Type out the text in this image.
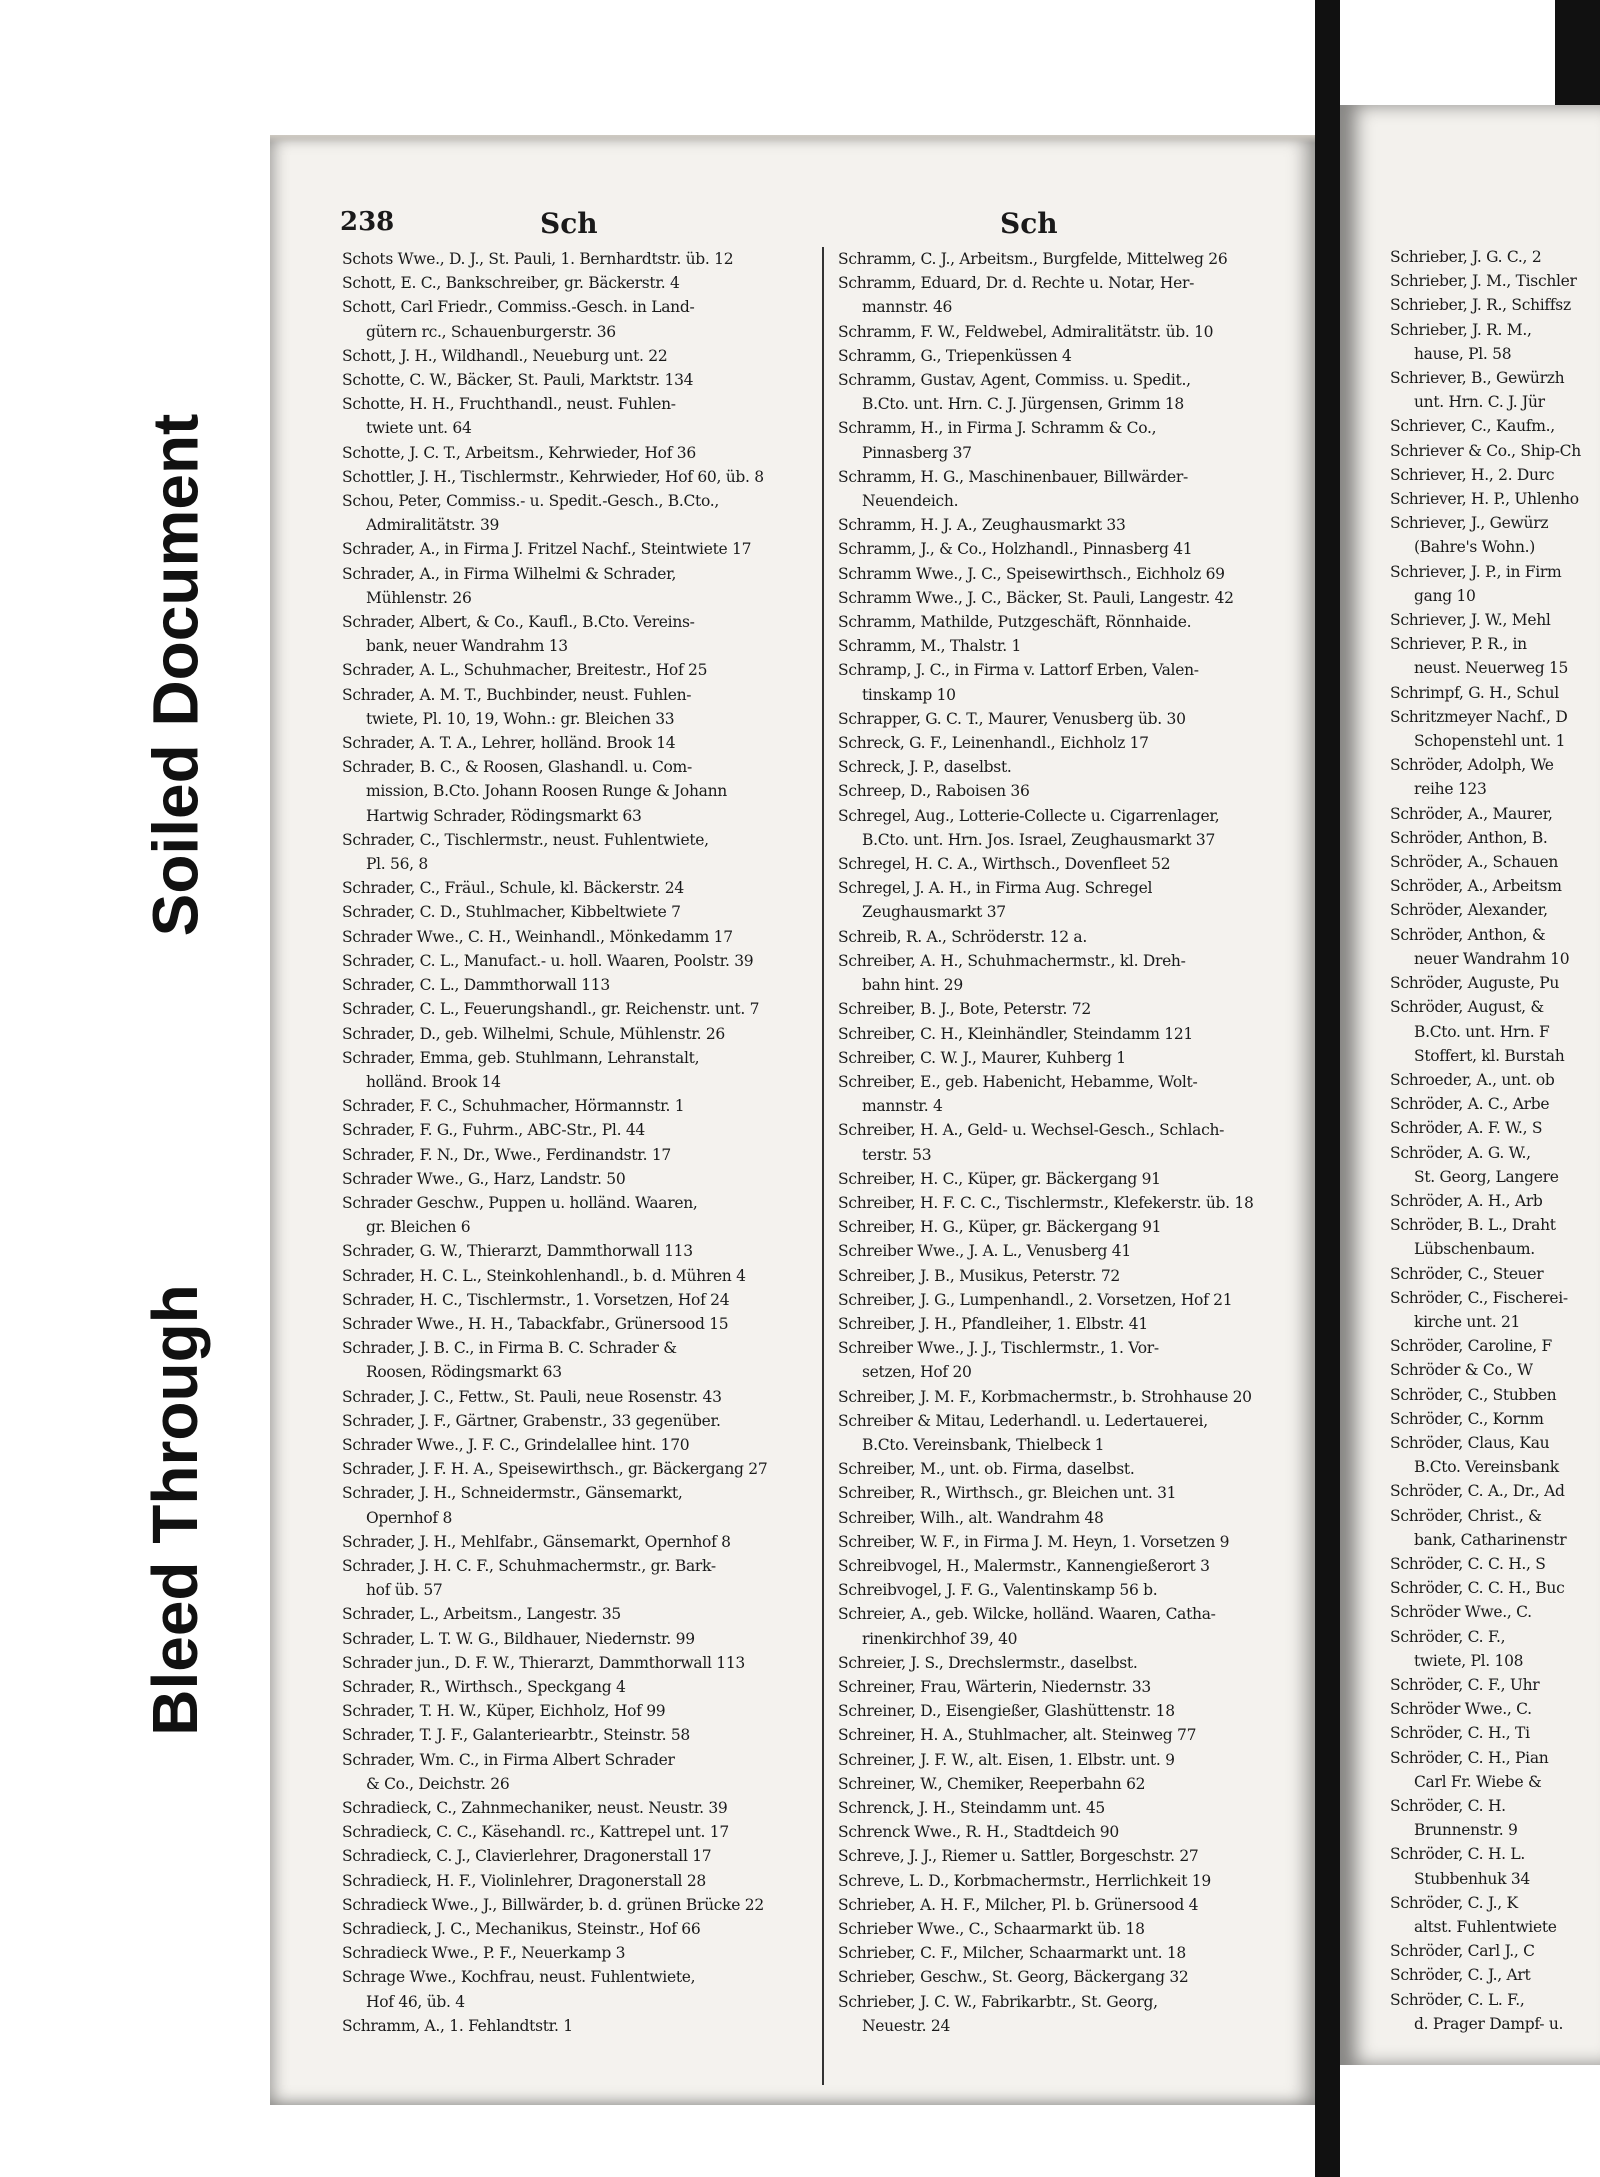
Soiled Document
Bleed Through
238	Sch	Sch
Schots Wwe., D. J., St. Pauli, 1. Bernhardtstr. üb. 12
Schott, E. C., Bankschreiber, gr. Bäckerstr. 4
Schott, Carl Friedr., Commiss.-Gesch. in Land-
gütern rc., Schauenburgerstr. 36
Schott, J. H., Wildhandl., Neueburg unt. 22
Schotte, C. W., Bäcker, St. Pauli, Marktstr. 134
Schotte, H. H., Fruchthandl., neust. Fuhlen-
twiete unt. 64
Schotte, J. C. T., Arbeitsm., Kehrwieder, Hof 36
Schottler, J. H., Tischlermstr., Kehrwieder, Hof 60, üb. 8
Schou, Peter, Commiss.- u. Spedit.-Gesch., B.Cto.,
Admiralitätstr. 39
Schrader, A., in Firma J. Fritzel Nachf., Steintwiete 17
Schrader, A., in Firma Wilhelmi & Schrader,
Mühlenstr. 26
Schrader, Albert, & Co., Kaufl., B.Cto. Vereins-
bank, neuer Wandrahm 13
Schrader, A. L., Schuhmacher, Breitestr., Hof 25
Schrader, A. M. T., Buchbinder, neust. Fuhlen-
twiete, Pl. 10, 19, Wohn.: gr. Bleichen 33
Schrader, A. T. A., Lehrer, holländ. Brook 14
Schrader, B. C., & Roosen, Glashandl. u. Com-
mission, B.Cto. Johann Roosen Runge & Johann
Hartwig Schrader, Rödingsmarkt 63
Schrader, C., Tischlermstr., neust. Fuhlentwiete,
Pl. 56, 8
Schrader, C., Fräul., Schule, kl. Bäckerstr. 24
Schrader, C. D., Stuhlmacher, Kibbeltwiete 7
Schrader Wwe., C. H., Weinhandl., Mönkedamm 17
Schrader, C. L., Manufact.- u. holl. Waaren, Poolstr. 39
Schrader, C. L., Dammthorwall 113
Schrader, C. L., Feuerungshandl., gr. Reichenstr. unt. 7
Schrader, D., geb. Wilhelmi, Schule, Mühlenstr. 26
Schrader, Emma, geb. Stuhlmann, Lehranstalt,
holländ. Brook 14
Schrader, F. C., Schuhmacher, Hörmannstr. 1
Schrader, F. G., Fuhrm., ABC-Str., Pl. 44
Schrader, F. N., Dr., Wwe., Ferdinandstr. 17
Schrader Wwe., G., Harz, Landstr. 50
Schrader Geschw., Puppen u. holländ. Waaren,
gr. Bleichen 6
Schrader, G. W., Thierarzt, Dammthorwall 113
Schrader, H. C. L., Steinkohlenhandl., b. d. Mühren 4
Schrader, H. C., Tischlermstr., 1. Vorsetzen, Hof 24
Schrader Wwe., H. H., Tabackfabr., Grünersood 15
Schrader, J. B. C., in Firma B. C. Schrader &
Roosen, Rödingsmarkt 63
Schrader, J. C., Fettw., St. Pauli, neue Rosenstr. 43
Schrader, J. F., Gärtner, Grabenstr., 33 gegenüber.
Schrader Wwe., J. F. C., Grindelallee hint. 170
Schrader, J. F. H. A., Speisewirthsch., gr. Bäckergang 27
Schrader, J. H., Schneidermstr., Gänsemarkt,
Opernhof 8
Schrader, J. H., Mehlfabr., Gänsemarkt, Opernhof 8
Schrader, J. H. C. F., Schuhmachermstr., gr. Bark-
hof üb. 57
Schrader, L., Arbeitsm., Langestr. 35
Schrader, L. T. W. G., Bildhauer, Niedernstr. 99
Schrader jun., D. F. W., Thierarzt, Dammthorwall 113
Schrader, R., Wirthsch., Speckgang 4
Schrader, T. H. W., Küper, Eichholz, Hof 99
Schrader, T. J. F., Galanteriearbtr., Steinstr. 58
Schrader, Wm. C., in Firma Albert Schrader
& Co., Deichstr. 26
Schradieck, C., Zahnmechaniker, neust. Neustr. 39
Schradieck, C. C., Käsehandl. rc., Kattrepel unt. 17
Schradieck, C. J., Clavierlehrer, Dragonerstall 17
Schradieck, H. F., Violinlehrer, Dragonerstall 28
Schradieck Wwe., J., Billwärder, b. d. grünen Brücke 22
Schradieck, J. C., Mechanikus, Steinstr., Hof 66
Schradieck Wwe., P. F., Neuerkamp 3
Schrage Wwe., Kochfrau, neust. Fuhlentwiete,
Hof 46, üb. 4
Schramm, A., 1. Fehlandtstr. 1
Schramm, C. J., Arbeitsm., Burgfelde, Mittelweg 26
Schramm, Eduard, Dr. d. Rechte u. Notar, Her-
mannstr. 46
Schramm, F. W., Feldwebel, Admiralitätstr. üb. 10
Schramm, G., Triepenküssen 4
Schramm, Gustav, Agent, Commiss. u. Spedit.,
B.Cto. unt. Hrn. C. J. Jürgensen, Grimm 18
Schramm, H., in Firma J. Schramm & Co.,
Pinnasberg 37
Schramm, H. G., Maschinenbauer, Billwärder-
Neuendeich.
Schramm, H. J. A., Zeughausmarkt 33
Schramm, J., & Co., Holzhandl., Pinnasberg 41
Schramm Wwe., J. C., Speisewirthsch., Eichholz 69
Schramm Wwe., J. C., Bäcker, St. Pauli, Langestr. 42
Schramm, Mathilde, Putzgeschäft, Rönnhaide.
Schramm, M., Thalstr. 1
Schramp, J. C., in Firma v. Lattorf Erben, Valen-
tinskamp 10
Schrapper, G. C. T., Maurer, Venusberg üb. 30
Schreck, G. F., Leinenhandl., Eichholz 17
Schreck, J. P., daselbst.
Schreep, D., Raboisen 36
Schregel, Aug., Lotterie-Collecte u. Cigarrenlager,
B.Cto. unt. Hrn. Jos. Israel, Zeughausmarkt 37
Schregel, H. C. A., Wirthsch., Dovenfleet 52
Schregel, J. A. H., in Firma Aug. Schregel
Zeughausmarkt 37
Schreib, R. A., Schröderstr. 12 a.
Schreiber, A. H., Schuhmachermstr., kl. Dreh-
bahn hint. 29
Schreiber, B. J., Bote, Peterstr. 72
Schreiber, C. H., Kleinhändler, Steindamm 121
Schreiber, C. W. J., Maurer, Kuhberg 1
Schreiber, E., geb. Habenicht, Hebamme, Wolt-
mannstr. 4
Schreiber, H. A., Geld- u. Wechsel-Gesch., Schlach-
terstr. 53
Schreiber, H. C., Küper, gr. Bäckergang 91
Schreiber, H. F. C. C., Tischlermstr., Klefekerstr. üb. 18
Schreiber, H. G., Küper, gr. Bäckergang 91
Schreiber Wwe., J. A. L., Venusberg 41
Schreiber, J. B., Musikus, Peterstr. 72
Schreiber, J. G., Lumpenhandl., 2. Vorsetzen, Hof 21
Schreiber, J. H., Pfandleiher, 1. Elbstr. 41
Schreiber Wwe., J. J., Tischlermstr., 1. Vor-
setzen, Hof 20
Schreiber, J. M. F., Korbmachermstr., b. Strohhause 20
Schreiber & Mitau, Lederhandl. u. Ledertauerei,
B.Cto. Vereinsbank, Thielbeck 1
Schreiber, M., unt. ob. Firma, daselbst.
Schreiber, R., Wirthsch., gr. Bleichen unt. 31
Schreiber, Wilh., alt. Wandrahm 48
Schreiber, W. F., in Firma J. M. Heyn, 1. Vorsetzen 9
Schreibvogel, H., Malermstr., Kannengießerort 3
Schreibvogel, J. F. G., Valentinskamp 56 b.
Schreier, A., geb. Wilcke, holländ. Waaren, Catha-
rinenkirchhof 39, 40
Schreier, J. S., Drechslermstr., daselbst.
Schreiner, Frau, Wärterin, Niedernstr. 33
Schreiner, D., Eisengießer, Glashüttenstr. 18
Schreiner, H. A., Stuhlmacher, alt. Steinweg 77
Schreiner, J. F. W., alt. Eisen, 1. Elbstr. unt. 9
Schreiner, W., Chemiker, Reeperbahn 62
Schrenck, J. H., Steindamm unt. 45
Schrenck Wwe., R. H., Stadtdeich 90
Schreve, J. J., Riemer u. Sattler, Borgeschstr. 27
Schreve, L. D., Korbmachermstr., Herrlichkeit 19
Schrieber, A. H. F., Milcher, Pl. b. Grünersood 4
Schrieber Wwe., C., Schaarmarkt üb. 18
Schrieber, C. F., Milcher, Schaarmarkt unt. 18
Schrieber, Geschw., St. Georg, Bäckergang 32
Schrieber, J. C. W., Fabrikarbtr., St. Georg,
Neuestr. 24
Schrieber, J. G. C., 2
Schrieber, J. M., Tischler
Schrieber, J. R., Schiffsz
Schrieber, J. R. M.,
hause, Pl. 58
Schriever, B., Gewürzh
unt. Hrn. C. J. Jür
Schriever, C., Kaufm.,
Schriever & Co., Ship-Ch
Schriever, H., 2. Durc
Schriever, H. P., Uhlenho
Schriever, J., Gewürz
(Bahre's Wohn.)
Schriever, J. P., in Firm
gang 10
Schriever, J. W., Mehl
Schriever, P. R., in
neust. Neuerweg 15
Schrimpf, G. H., Schul
Schritzmeyer Nachf., D
Schopenstehl unt. 1
Schröder, Adolph, We
reihe 123
Schröder, A., Maurer,
Schröder, Anthon, B.
Schröder, A., Schauen
Schröder, A., Arbeitsm
Schröder, Alexander,
Schröder, Anthon, &
neuer Wandrahm 10
Schröder, Auguste, Pu
Schröder, August, &
B.Cto. unt. Hrn. F
Stoffert, kl. Burstah
Schroeder, A., unt. ob
Schröder, A. C., Arbe
Schröder, A. F. W., S
Schröder, A. G. W.,
St. Georg, Langere
Schröder, A. H., Arb
Schröder, B. L., Draht
Lübschenbaum.
Schröder, C., Steuer
Schröder, C., Fischerei-
kirche unt. 21
Schröder, Caroline, F
Schröder & Co., W
Schröder, C., Stubben
Schröder, C., Kornm
Schröder, Claus, Kau
B.Cto. Vereinsbank
Schröder, C. A., Dr., Ad
Schröder, Christ., &
bank, Catharinenstr
Schröder, C. C. H., S
Schröder, C. C. H., Buc
Schröder Wwe., C.
Schröder, C. F.,
twiete, Pl. 108
Schröder, C. F., Uhr
Schröder Wwe., C.
Schröder, C. H., Ti
Schröder, C. H., Pian
Carl Fr. Wiebe &
Schröder, C. H.
Brunnenstr. 9
Schröder, C. H. L.
Stubbenhuk 34
Schröder, C. J., K
altst. Fuhlentwiete
Schröder, Carl J., C
Schröder, C. J., Art
Schröder, C. L. F.,
d. Prager Dampf- u.
